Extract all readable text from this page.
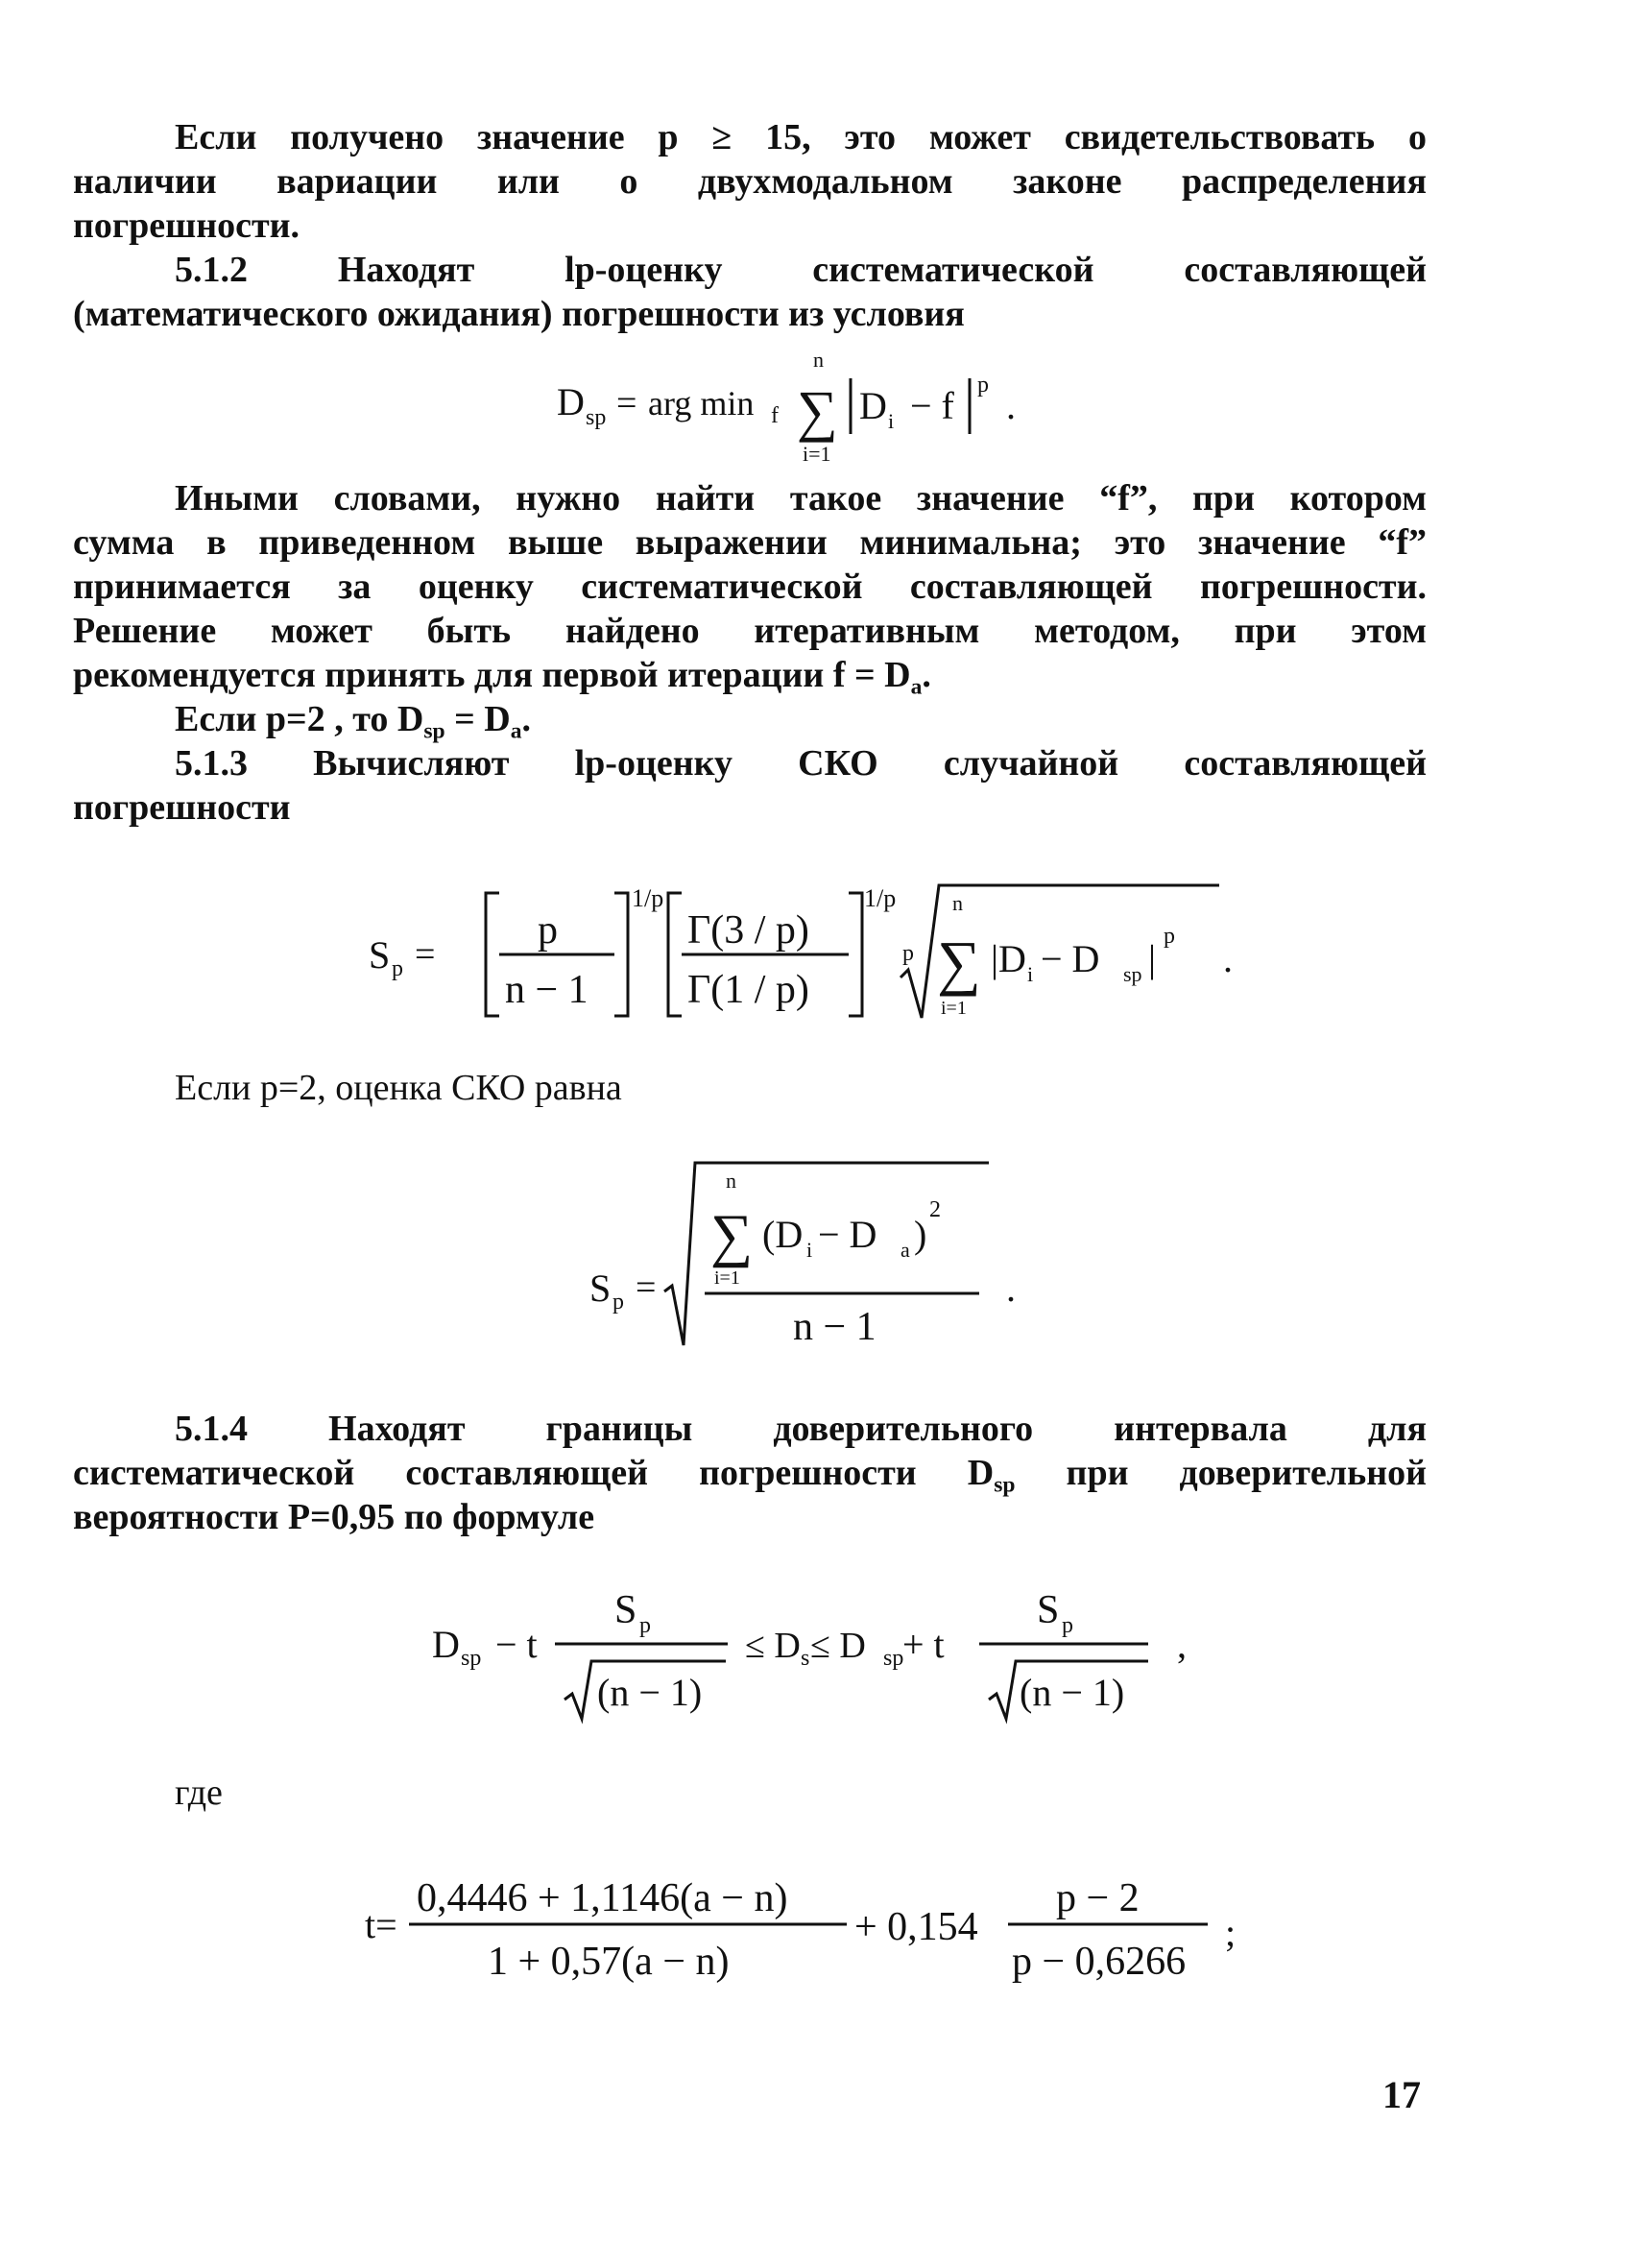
Если получено значение р ≥ 15, это может свидетельствовать о
наличии вариации или о двухмодальном законе распределения
погрешности.
5.1.2 Находят lp-оценку систематической составляющей
(математического ожидания) погрешности из условия
D sp = arg min f
n
∑
i=1
D i − f p .
Иными словами, нужно найти такое значение “f”, при котором
сумма в приведенном выше выражении минимальна; это значение “f”
принимается за оценку систематической составляющей погрешности.
Решение может быть найдено итеративным методом, при этом
рекомендуется принять для первой итерации $f = D_a$.
Если p=2 , то $D_{sp} = D_a$.
5.1.3 Вычисляют lp-оценку СКО случайной составляющей
погрешности
S p =
p
n − 1
1/p
Γ(3 / p)
Γ(1 / p)
1/p
p
n
∑
i=1
|D i − D sp |
p
.
Если p=2, оценка СКО равна
S p =
n
∑
i=1
(D i − D a )
2
n − 1
.
5.1.4 Находят границы доверительного интервала для
систематической составляющей погрешности $D_{sp}$ при доверительной
вероятности P=0,95 по формуле
D sp − t
S p
(n − 1)
≤ D s ≤ D sp
+ t
S p
(n − 1)
,
где
t=
0,4446 + 1,1146(a − n)
1 + 0,57(a − n)
+ 0,154
p − 2
p − 0,6266
;
17
